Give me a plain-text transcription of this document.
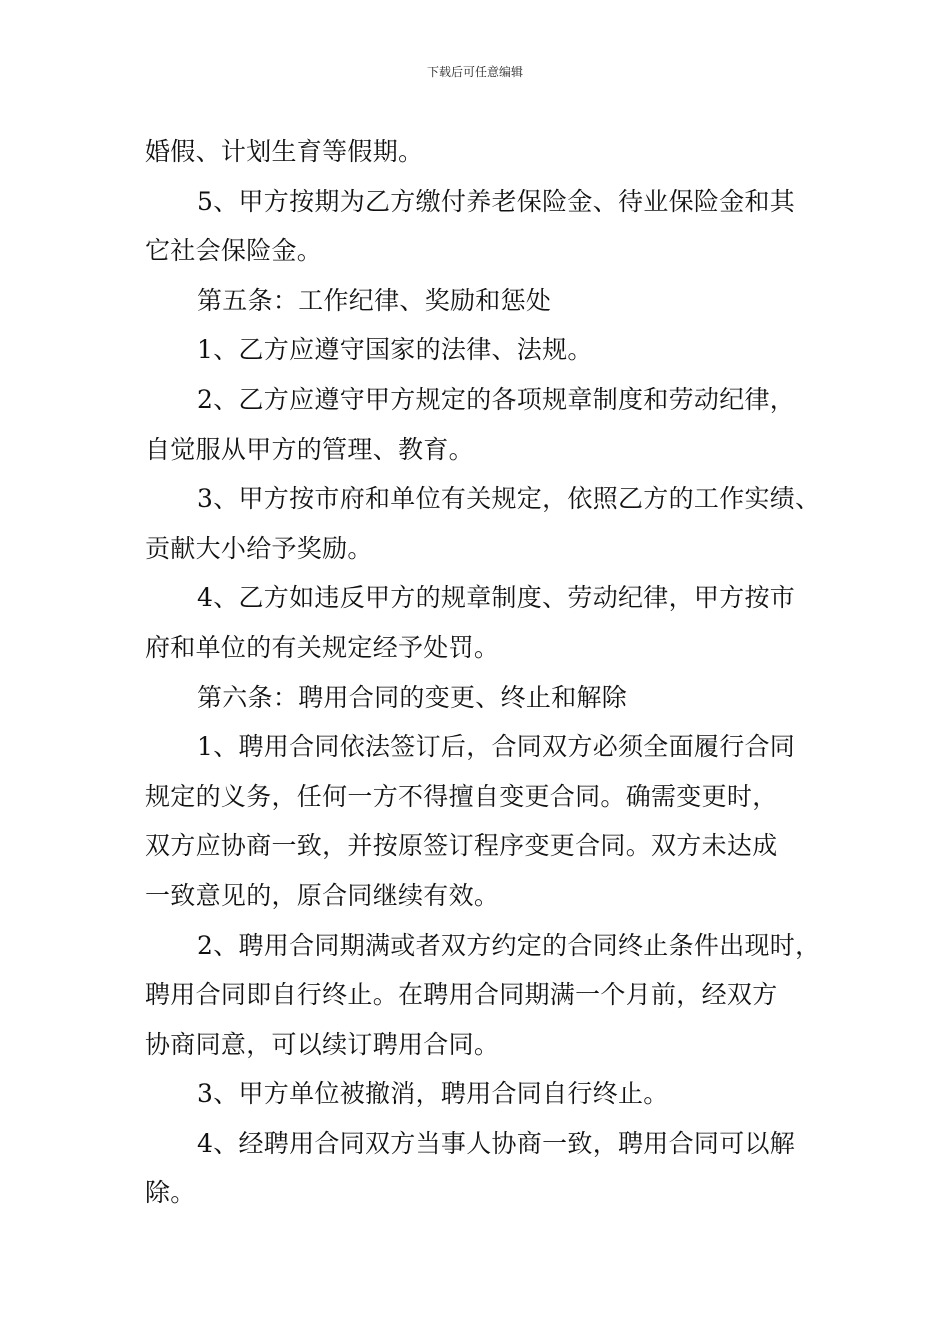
下载后可任意编辑
婚假、计划生育等假期。
5、甲方按期为乙方缴付养老保险金、待业保险金和其
它社会保险金。
第五条：工作纪律、奖励和惩处
1、乙方应遵守国家的法律、法规。
2、乙方应遵守甲方规定的各项规章制度和劳动纪律，
自觉服从甲方的管理、教育。
3、甲方按市府和单位有关规定，依照乙方的工作实绩、
贡献大小给予奖励。
4、乙方如违反甲方的规章制度、劳动纪律，甲方按市
府和单位的有关规定经予处罚。
第六条：聘用合同的变更、终止和解除
1、聘用合同依法签订后，合同双方必须全面履行合同
规定的义务，任何一方不得擅自变更合同。确需变更时，
双方应协商一致，并按原签订程序变更合同。双方未达成
一致意见的，原合同继续有效。
2、聘用合同期满或者双方约定的合同终止条件出现时，
聘用合同即自行终止。在聘用合同期满一个月前，经双方
协商同意，可以续订聘用合同。
3、甲方单位被撤消，聘用合同自行终止。
4、经聘用合同双方当事人协商一致，聘用合同可以解
除。
